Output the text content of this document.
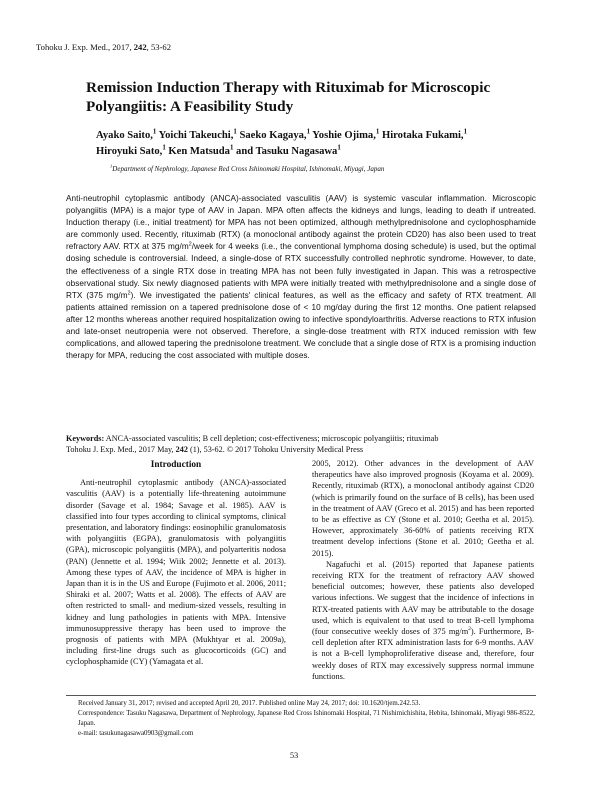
Tohoku J. Exp. Med., 2017, 242, 53-62
Remission Induction Therapy with Rituximab for Microscopic Polyangiitis: A Feasibility Study
Ayako Saito,$^1$ Yoichi Takeuchi,$^1$ Saeko Kagaya,$^1$ Yoshie Ojima,$^1$ Hirotaka Fukami,$^1$
Hiroyuki Sato,$^1$ Ken Matsuda$^1$ and Tasuku Nagasawa$^1$
$^1$Department of Nephrology, Japanese Red Cross Ishinomaki Hospital, Ishinomaki, Miyagi, Japan
Anti-neutrophil cytoplasmic antibody (ANCA)-associated vasculitis (AAV) is systemic vascular inflammation. Microscopic polyangiitis (MPA) is a major type of AAV in Japan. MPA often affects the kidneys and lungs, leading to death if untreated. Induction therapy (i.e., initial treatment) for MPA has not been optimized, although methylprednisolone and cyclophosphamide are commonly used. Recently, rituximab (RTX) (a monoclonal antibody against the protein CD20) has also been used to treat refractory AAV. RTX at 375 $mg/m^2$/week for 4 weeks (i.e., the conventional lymphoma dosing schedule) is used, but the optimal dosing schedule is controversial. Indeed, a single-dose of RTX successfully controlled nephrotic syndrome. However, to date, the effectiveness of a single RTX dose in treating MPA has not been fully investigated in Japan. This was a retrospective observational study. Six newly diagnosed patients with MPA were initially treated with methylprednisolone and a single dose of RTX (375 $mg/m^2$). We investigated the patients' clinical features, as well as the efficacy and safety of RTX treatment. All patients attained remission on a tapered prednisolone dose of < 10 mg/day during the first 12 months. One patient relapsed after 12 months whereas another required hospitalization owing to infective spondyloarthritis. Adverse reactions to RTX infusion and late-onset neutropenia were not observed. Therefore, a single-dose treatment with RTX induced remission with few complications, and allowed tapering the prednisolone treatment. We conclude that a single dose of RTX is a promising induction therapy for MPA, reducing the cost associated with multiple doses.
Keywords: ANCA-associated vasculitis; B cell depletion; cost-effectiveness; microscopic polyangiitis; rituximab
Tohoku J. Exp. Med., 2017 May, 242 (1), 53-62. © 2017 Tohoku University Medical Press
Introduction

Anti-neutrophil cytoplasmic antibody (ANCA)-associated vasculitis (AAV) is a potentially life-threatening autoimmune disorder (Savage et al. 1984; Savage et al. 1985). AAV is classified into four types according to clinical symptoms, clinical presentation, and laboratory findings: eosinophilic granulomatosis with polyangiitis (EGPA), granulomatosis with polyangiitis (GPA), microscopic polyangiitis (MPA), and polyarteritis nodosa (PAN) (Jennette et al. 1994; Wiik 2002; Jennette et al. 2013). Among these types of AAV, the incidence of MPA is higher in Japan than it is in the US and Europe (Fujimoto et al. 2006, 2011; Shiraki et al. 2007; Watts et al. 2008). The effects of AAV are often restricted to small- and medium-sized vessels, resulting in kidney and lung pathologies in patients with MPA. Intensive immunosuppressive therapy has been used to improve the prognosis of patients with MPA (Mukhtyar et al. 2009a), including first-line drugs such as glucocorticoids (GC) and cyclophosphamide (CY) (Yamagata et al.

2005, 2012). Other advances in the development of AAV therapeutics have also improved prognosis (Koyama et al. 2009). Recently, rituximab (RTX), a monoclonal antibody against CD20 (which is primarily found on the surface of B cells), has been used in the treatment of AAV (Greco et al. 2015) and has been reported to be as effective as CY (Stone et al. 2010; Geetha et al. 2015). However, approximately 36-60% of patients receiving RTX treatment develop infections (Stone et al. 2010; Geetha et al. 2015).

Nagafuchi et al. (2015) reported that Japanese patients receiving RTX for the treatment of refractory AAV showed beneficial outcomes; however, these patients also developed various infections. We suggest that the incidence of infections in RTX-treated patients with AAV may be attributable to the dosage used, which is equivalent to that used to treat B-cell lymphoma (four consecutive weekly doses of 375 $mg/m^2$). Furthermore, B-cell depletion after RTX administration lasts for 6-9 months. AAV is not a B-cell lymphoproliferative disease and, therefore, four weekly doses of RTX may excessively suppress normal immune functions.

Received January 31, 2017; revised and accepted April 20, 2017. Published online May 24, 2017; doi: 10.1620/tjem.242.53.
Correspondence: Tasuku Nagasawa, Department of Nephrology, Japanese Red Cross Ishinomaki Hospital, 71 Nishimichishita, Hebita, Ishinomaki, Miyagi 986-8522, Japan.
e-mail: tasukunagasawa0903@gmail.com
53
